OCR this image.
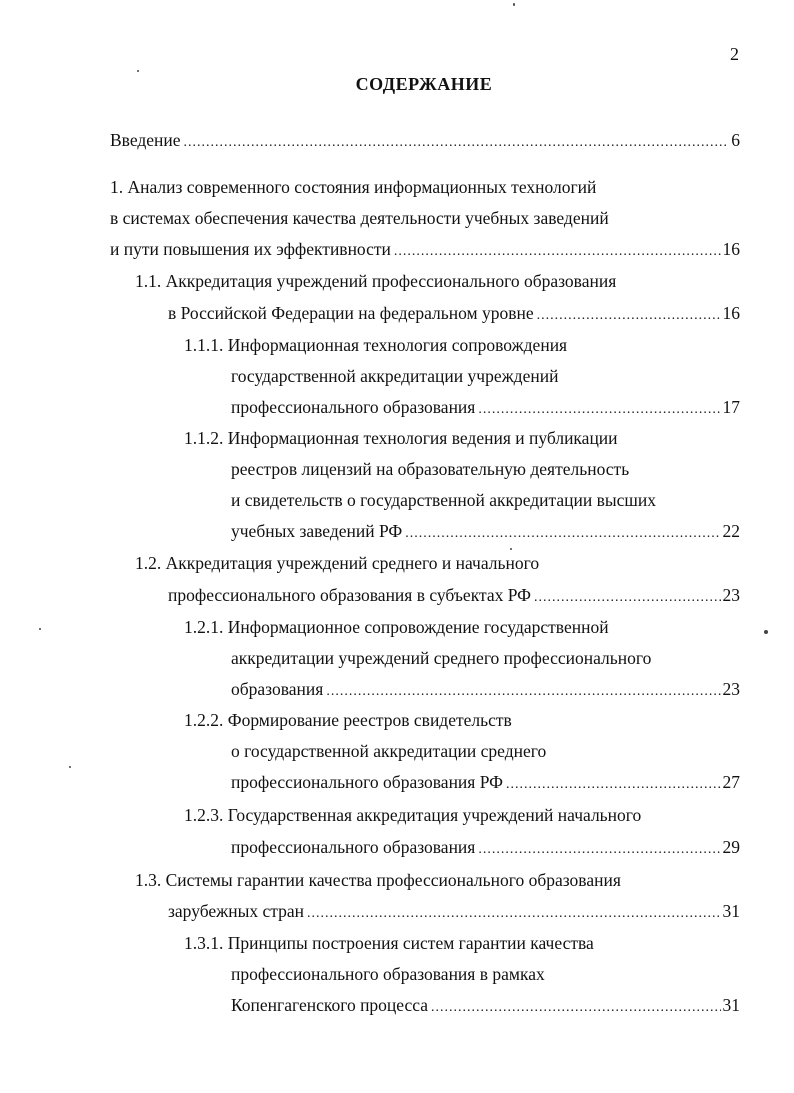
2
СОДЕРЖАНИЕ
Введение .....	6
1. Анализ современного состояния информационных технологий
в системах обеспечения качества деятельности учебных заведений
и пути повышения их эффективности .....	16
1.1. Аккредитация учреждений профессионального образования
в Российской Федерации на федеральном уровне .....	16
1.1.1. Информационная технология сопровождения
государственной аккредитации учреждений
профессионального образования .....	17
1.1.2. Информационная технология ведения и публикации
реестров лицензий на образовательную деятельность
и свидетельств о государственной аккредитации высших
учебных заведений РФ .....	22
1.2. Аккредитация учреждений среднего и начального
профессионального образования в субъектах РФ .....	23
1.2.1. Информационное сопровождение государственной
аккредитации учреждений среднего профессионального
образования .....	23
1.2.2. Формирование реестров свидетельств
о государственной аккредитации среднего
профессионального образования РФ .....	27
1.2.3. Государственная аккредитация учреждений начального
профессионального образования .....	29
1.3. Системы гарантии качества профессионального образования
зарубежных стран .....	31
1.3.1. Принципы построения систем гарантии качества
профессионального образования в рамках
Копенгагенского процесса .....	31
